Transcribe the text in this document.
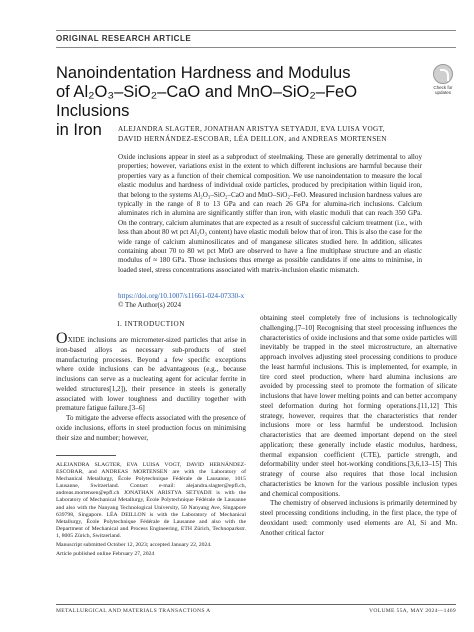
ORIGINAL RESEARCH ARTICLE
Nanoindentation Hardness and Modulus
of Al₂O₃–SiO₂–CaO and MnO–SiO₂–FeO Inclusions
in Iron
Check for
updates
ALEJANDRA SLAGTER, JONATHAN ARISTYA SETYADJI, EVA LUISA VOGT,
DAVID HERNÁNDEZ-ESCOBAR, LÉA DEILLON, and ANDREAS MORTENSEN
Oxide inclusions appear in steel as a subproduct of steelmaking. These are generally detrimental to alloy properties; however, variations exist in the extent to which different inclusions are harmful because their properties vary as a function of their chemical composition. We use nanoindentation to measure the local elastic modulus and hardness of individual oxide particles, produced by precipitation within liquid iron, that belong to the systems Al₂O₃–SiO₂–CaO and MnO–SiO₂–FeO. Measured inclusion hardness values are typically in the range of 8 to 13 GPa and can reach 26 GPa for alumina-rich inclusions. Calcium aluminates rich in alumina are significantly stiffer than iron, with elastic moduli that can reach 350 GPa. On the contrary, calcium aluminates that are expected as a result of successful calcium treatment (i.e., with less than about 80 wt pct Al₂O₃ content) have elastic moduli below that of iron. This is also the case for the wide range of calcium aluminosilicates and of manganese silicates studied here. In addition, silicates containing about 70 to 80 wt pct MnO are observed to have a fine multiphase structure and an elastic modulus of ≈ 180 GPa. Those inclusions thus emerge as possible candidates if one aims to minimise, in loaded steel, stress concentrations associated with matrix-inclusion elastic mismatch.
https://doi.org/10.1007/s11661-024-07330-x
© The Author(s) 2024
I. INTRODUCTION

OXIDE inclusions are micrometer-sized particles that arise in iron-based alloys as necessary sub-products of steel manufacturing processes. Beyond a few specific exceptions where oxide inclusions can be advantageous (e.g., because inclusions can serve as a nucleating agent for acicular ferrite in welded structures[1,2]), their presence in steels is generally associated with lower toughness and ductility together with premature fatigue failure.[3–6]

To mitigate the adverse effects associated with the presence of oxide inclusions, efforts in steel production focus on minimising their size and number; however,

ALEJANDRA SLAGTER, EVA LUISA VOGT, DAVID HERNÁNDEZ-ESCOBAR, and ANDREAS MORTENSEN are with the Laboratory of Mechanical Metallurgy, École Polytechnique Fédérale de Lausanne, 1015 Lausanne, Switzerland. Contact e-mail: alejandra.slagter@epfl.ch, andreas.mortensen@epfl.ch JONATHAN ARISTYA SETYADJI is with the Laboratory of Mechanical Metallurgy, École Polytechnique Fédérale de Lausanne and also with the Nanyang Technological University, 50 Nanyang Ave, Singapore 639798, Singapore. LÉA DEILLON is with the Laboratory of Mechanical Metallurgy, École Polytechnique Fédérale de Lausanne and also with the Department of Mechanical and Process Engineering, ETH Zürich, Technoparkstr. 1, 8005 Zürich, Switzerland.

Manuscript submitted October 12, 2023; accepted January 22, 2024.

Article published online February 27, 2024

obtaining steel completely free of inclusions is technologically challenging.[7–10] Recognising that steel processing influences the characteristics of oxide inclusions and that some oxide particles will inevitably be trapped in the steel microstructure, an alternative approach involves adjusting steel processing conditions to produce the least harmful inclusions. This is implemented, for example, in tire cord steel production, where hard alumina inclusions are avoided by processing steel to promote the formation of silicate inclusions that have lower melting points and can better accompany steel deformation during hot forming operations.[11,12] This strategy, however, requires that the characteristics that render inclusions more or less harmful be understood. Inclusion characteristics that are deemed important depend on the steel application; these generally include elastic modulus, hardness, thermal expansion coefficient (CTE), particle strength, and deformability under steel hot-working conditions.[3,6,13–15] This strategy of course also requires that those local inclusion characteristics be known for the various possible inclusion types and chemical compositions.

The chemistry of observed inclusions is primarily determined by steel processing conditions including, in the first place, the type of deoxidant used: commonly used elements are Al, Si and Mn. Another critical factor

METALLURGICAL AND MATERIALS TRANSACTIONS A	VOLUME 55A, MAY 2024—1469
